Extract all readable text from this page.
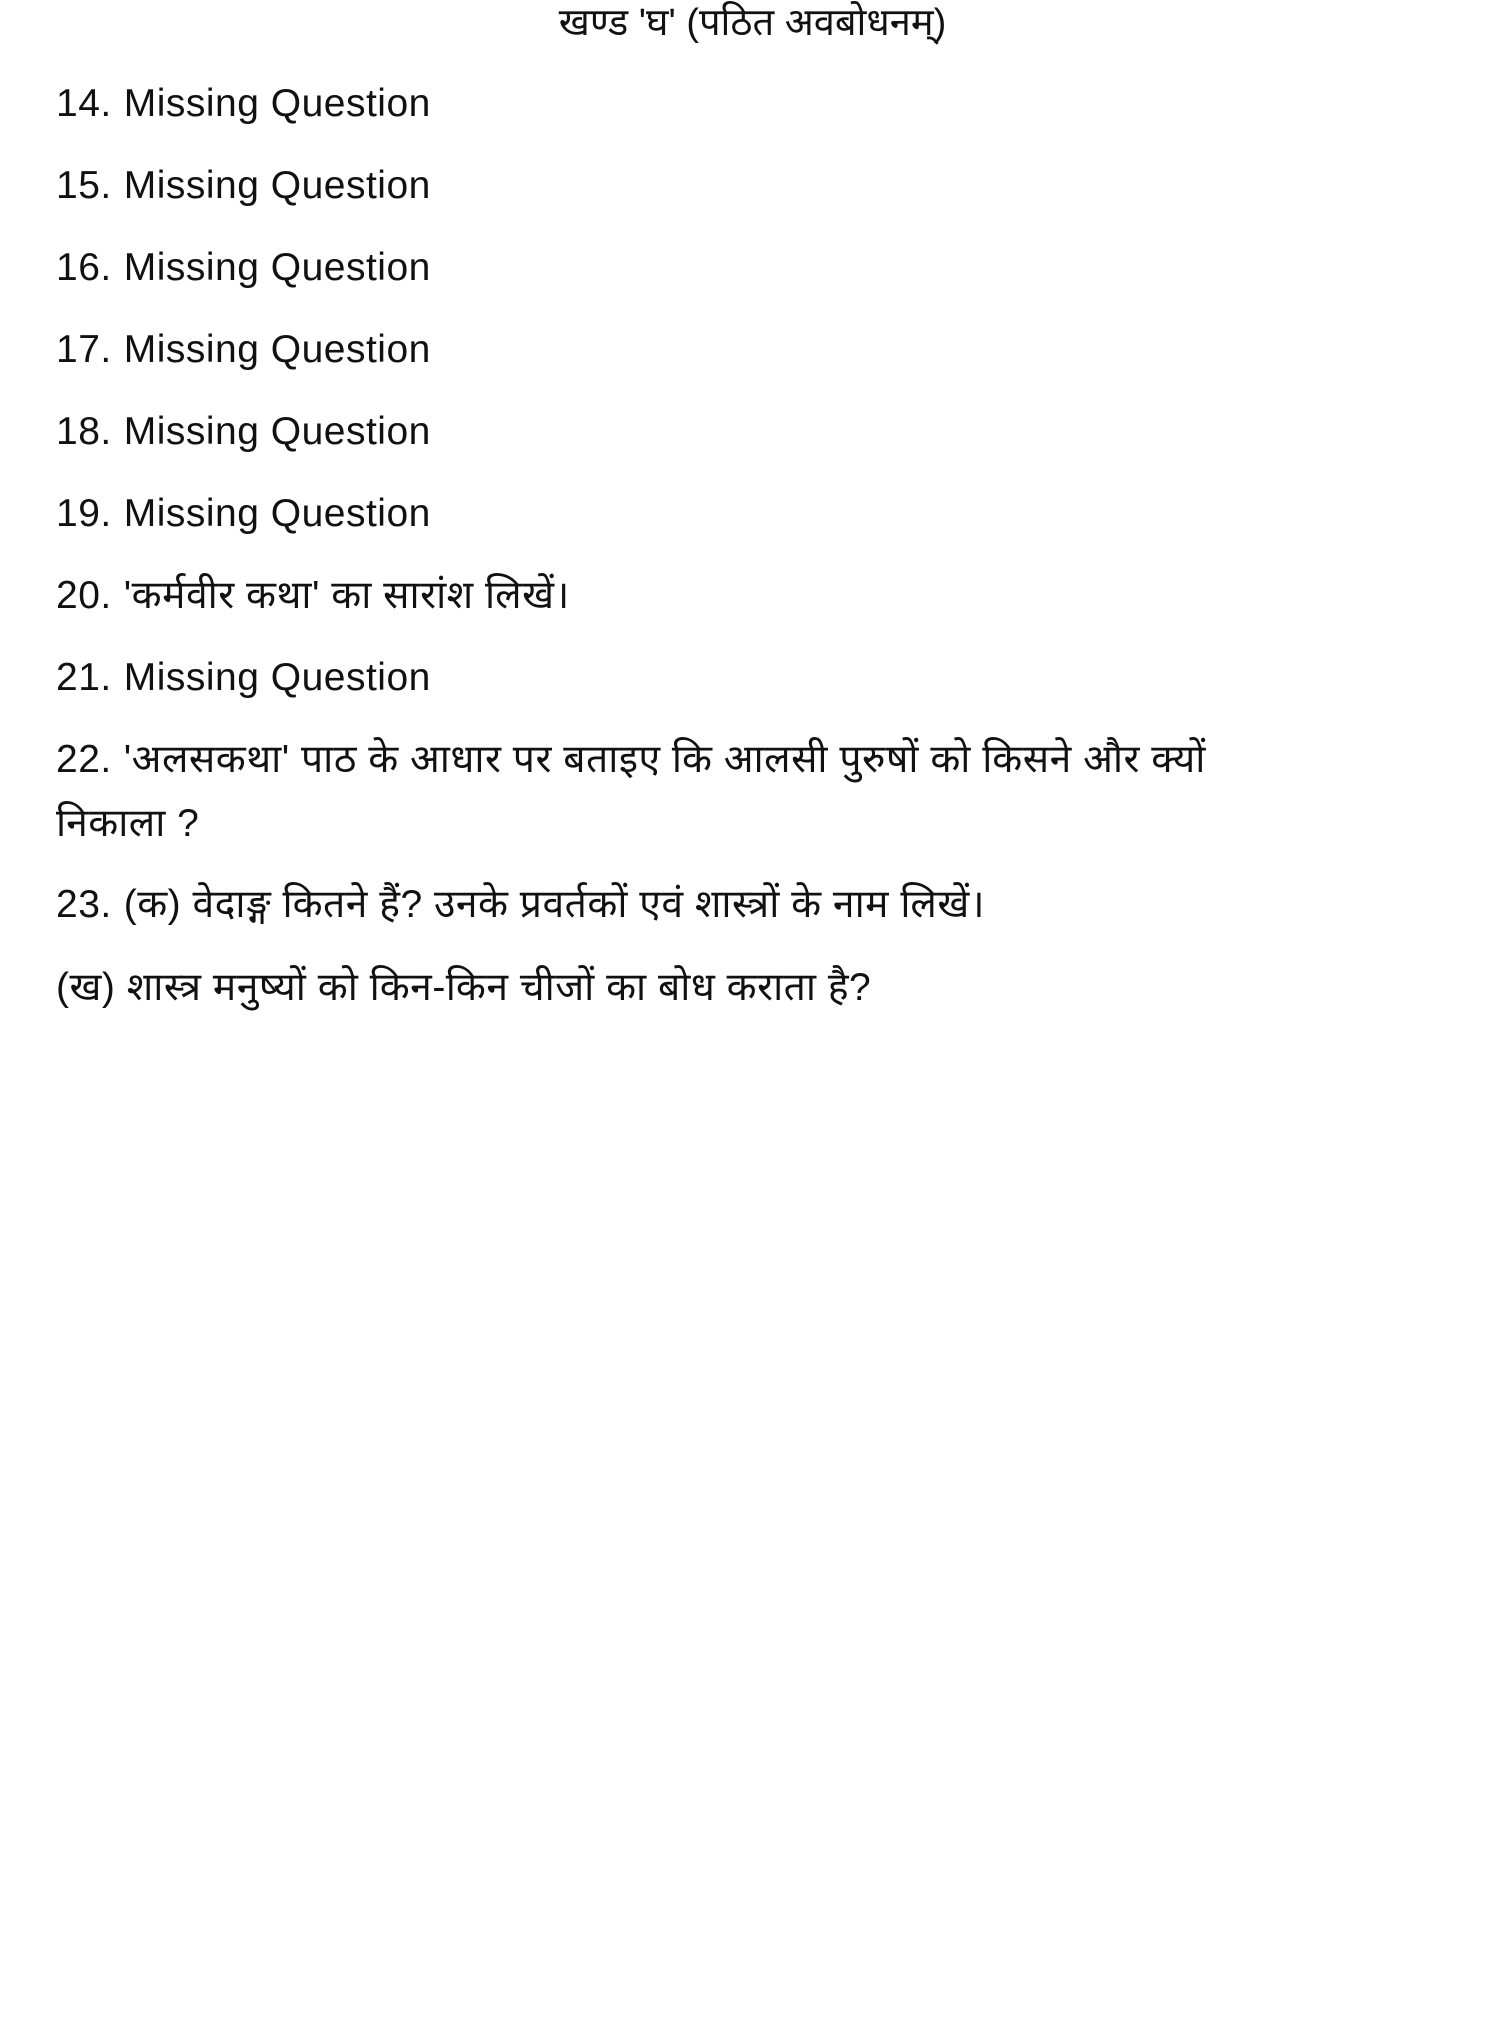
खण्ड 'घ' (पठित अवबोधनम्)
14. Missing Question
15. Missing Question
16. Missing Question
17. Missing Question
18. Missing Question
19. Missing Question
20. 'कर्मवीर कथा' का सारांश लिखें।
21. Missing Question
22. 'अलसकथा' पाठ के आधार पर बताइए कि आलसी पुरुषों को किसने और क्यों
निकाला ?
23. (क) वेदाङ्ग कितने हैं? उनके प्रवर्तकों एवं शास्त्रों के नाम लिखें।
(ख) शास्त्र मनुष्यों को किन-किन चीजों का बोध कराता है?
